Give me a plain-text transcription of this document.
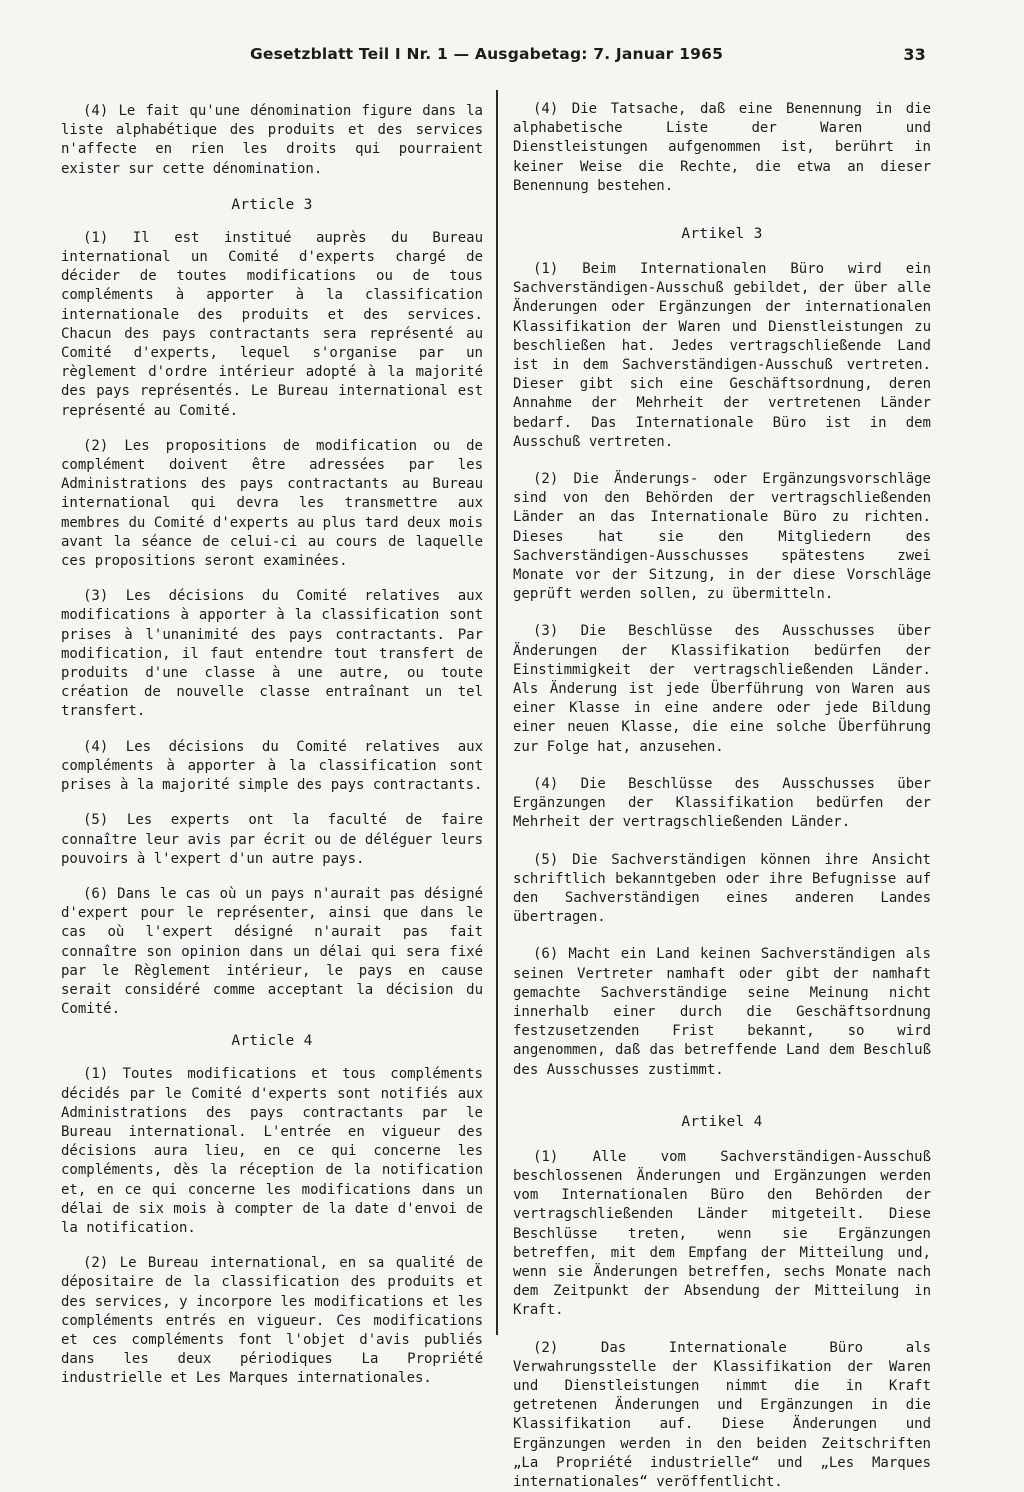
Gesetzblatt Teil I Nr. 1 — Ausgabetag: 7. Januar 1965	33

(4) Le fait qu'une dénomination figure dans la liste alphabétique des produits et des services n'affecte en rien les droits qui pourraient exister sur cette dénomination.

Article 3

(1) Il est institué auprès du Bureau international un Comité d'experts chargé de décider de toutes modifications ou de tous compléments à apporter à la classification internationale des produits et des services. Chacun des pays contractants sera représenté au Comité d'experts, lequel s'organise par un règlement d'ordre intérieur adopté à la majorité des pays représentés. Le Bureau international est représenté au Comité.

(2) Les propositions de modification ou de complément doivent être adressées par les Administrations des pays contractants au Bureau international qui devra les transmettre aux membres du Comité d'experts au plus tard deux mois avant la séance de celui-ci au cours de laquelle ces propositions seront examinées.

(3) Les décisions du Comité relatives aux modifications à apporter à la classification sont prises à l'unanimité des pays contractants. Par modification, il faut entendre tout transfert de produits d'une classe à une autre, ou toute création de nouvelle classe entraînant un tel transfert.

(4) Les décisions du Comité relatives aux compléments à apporter à la classification sont prises à la majorité simple des pays contractants.

(5) Les experts ont la faculté de faire connaître leur avis par écrit ou de déléguer leurs pouvoirs à l'expert d'un autre pays.

(6) Dans le cas où un pays n'aurait pas désigné d'expert pour le représenter, ainsi que dans le cas où l'expert désigné n'aurait pas fait connaître son opinion dans un délai qui sera fixé par le Règlement intérieur, le pays en cause serait considéré comme acceptant la décision du Comité.

Article 4

(1) Toutes modifications et tous compléments décidés par le Comité d'experts sont notifiés aux Administrations des pays contractants par le Bureau international. L'entrée en vigueur des décisions aura lieu, en ce qui concerne les compléments, dès la réception de la notification et, en ce qui concerne les modifications dans un délai de six mois à compter de la date d'envoi de la notification.

(2) Le Bureau international, en sa qualité de dépositaire de la classification des produits et des services, y incorpore les modifications et les compléments entrés en vigueur. Ces modifications et ces compléments font l'objet d'avis publiés dans les deux périodiques La Propriété industrielle et Les Marques internationales.

(4) Die Tatsache, daß eine Benennung in die alphabetische Liste der Waren und Dienstleistungen aufgenommen ist, berührt in keiner Weise die Rechte, die etwa an dieser Benennung bestehen.

Artikel 3

(1) Beim Internationalen Büro wird ein Sachverständigen-Ausschuß gebildet, der über alle Änderungen oder Ergänzungen der internationalen Klassifikation der Waren und Dienstleistungen zu beschließen hat. Jedes vertragschließende Land ist in dem Sachverständigen-Ausschuß vertreten. Dieser gibt sich eine Geschäftsordnung, deren Annahme der Mehrheit der vertretenen Länder bedarf. Das Internationale Büro ist in dem Ausschuß vertreten.

(2) Die Änderungs- oder Ergänzungsvorschläge sind von den Behörden der vertragschließenden Länder an das Internationale Büro zu richten. Dieses hat sie den Mitgliedern des Sachverständigen-Ausschusses spätestens zwei Monate vor der Sitzung, in der diese Vorschläge geprüft werden sollen, zu übermitteln.

(3) Die Beschlüsse des Ausschusses über Änderungen der Klassifikation bedürfen der Einstimmigkeit der vertragschließenden Länder. Als Änderung ist jede Überführung von Waren aus einer Klasse in eine andere oder jede Bildung einer neuen Klasse, die eine solche Überführung zur Folge hat, anzusehen.

(4) Die Beschlüsse des Ausschusses über Ergänzungen der Klassifikation bedürfen der Mehrheit der vertragschließenden Länder.

(5) Die Sachverständigen können ihre Ansicht schriftlich bekanntgeben oder ihre Befugnisse auf den Sachverständigen eines anderen Landes übertragen.

(6) Macht ein Land keinen Sachverständigen als seinen Vertreter namhaft oder gibt der namhaft gemachte Sachverständige seine Meinung nicht innerhalb einer durch die Geschäftsordnung festzusetzenden Frist bekannt, so wird angenommen, daß das betreffende Land dem Beschluß des Ausschusses zustimmt.

Artikel 4

(1) Alle vom Sachverständigen-Ausschuß beschlossenen Änderungen und Ergänzungen werden vom Internationalen Büro den Behörden der vertragschließenden Länder mitgeteilt. Diese Beschlüsse treten, wenn sie Ergänzungen betreffen, mit dem Empfang der Mitteilung und, wenn sie Änderungen betreffen, sechs Monate nach dem Zeitpunkt der Absendung der Mitteilung in Kraft.

(2) Das Internationale Büro als Verwahrungsstelle der Klassifikation der Waren und Dienstleistungen nimmt die in Kraft getretenen Änderungen und Ergänzungen in die Klassifikation auf. Diese Änderungen und Ergänzungen werden in den beiden Zeitschriften „La Propriété industrielle“ und „Les Marques internationales“ veröffentlicht.
